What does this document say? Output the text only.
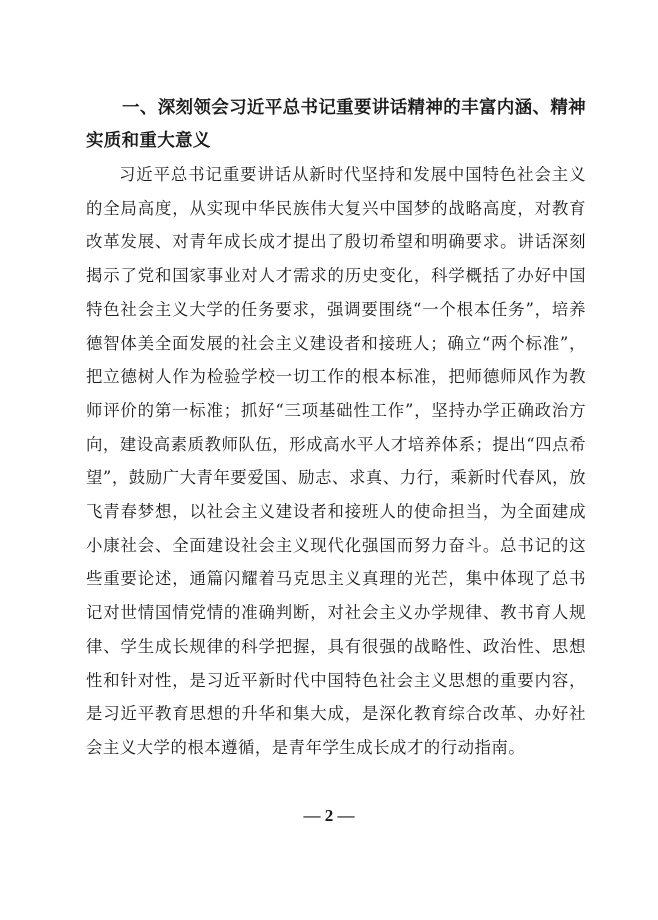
一、深刻领会习近平总书记重要讲话精神的丰富内涵、精神实质和重大意义

习近平总书记重要讲话从新时代坚持和发展中国特色社会主义的全局高度，从实现中华民族伟大复兴中国梦的战略高度，对教育改革发展、对青年成长成才提出了殷切希望和明确要求。讲话深刻揭示了党和国家事业对人才需求的历史变化，科学概括了办好中国特色社会主义大学的任务要求，强调要围绕“一个根本任务”，培养德智体美全面发展的社会主义建设者和接班人；确立“两个标准”，把立德树人作为检验学校一切工作的根本标准，把师德师风作为教师评价的第一标准；抓好“三项基础性工作”，坚持办学正确政治方向，建设高素质教师队伍，形成高水平人才培养体系；提出“四点希望”，鼓励广大青年要爱国、励志、求真、力行，乘新时代春风，放飞青春梦想，以社会主义建设者和接班人的使命担当，为全面建成小康社会、全面建设社会主义现代化强国而努力奋斗。总书记的这些重要论述，通篇闪耀着马克思主义真理的光芒，集中体现了总书记对世情国情党情的准确判断，对社会主义办学规律、教书育人规律、学生成长规律的科学把握，具有很强的战略性、政治性、思想性和针对性，是习近平新时代中国特色社会主义思想的重要内容，是习近平教育思想的升华和集大成，是深化教育综合改革、办好社会主义大学的根本遵循，是青年学生成长成才的行动指南。

— 2 —
